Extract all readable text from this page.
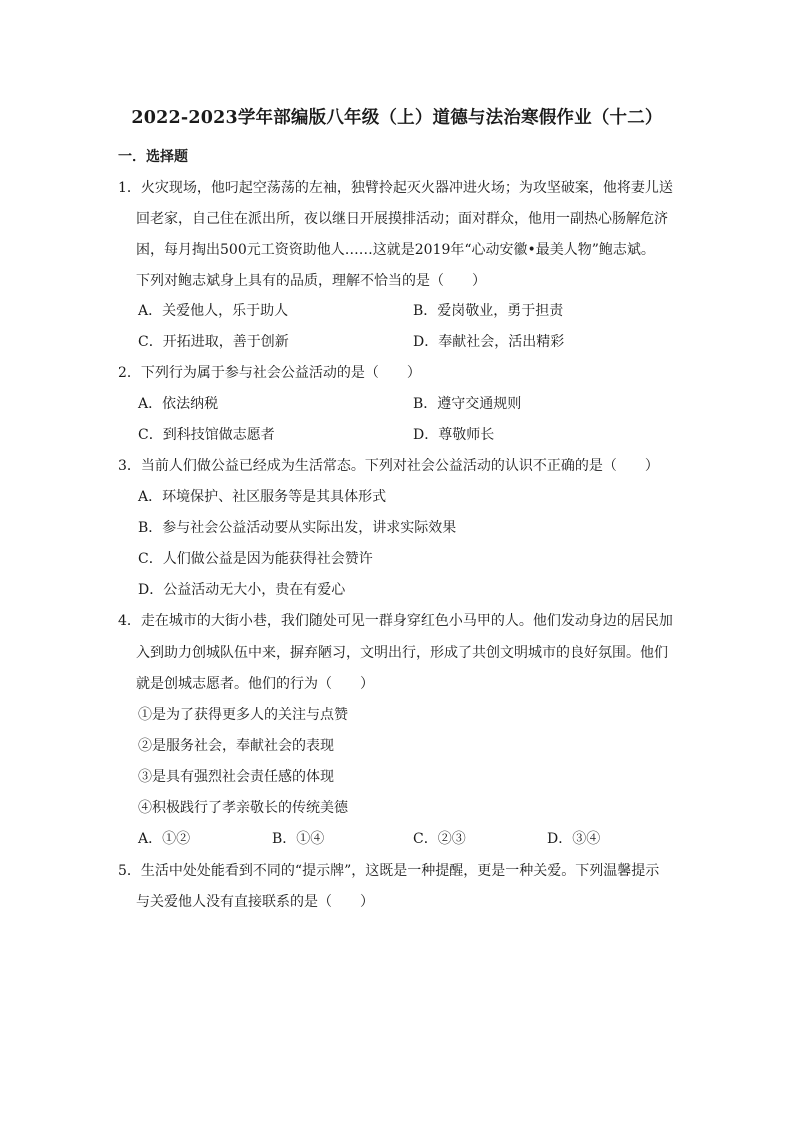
2022-2023学年部编版八年级（上）道德与法治寒假作业（十二）
一．选择题
1．火灾现场，他叼起空荡荡的左袖，独臂拎起灭火器冲进火场；为攻坚破案，他将妻儿送
回老家，自己住在派出所，夜以继日开展摸排活动；面对群众，他用一副热心肠解危济
困，每月掏出500元工资资助他人……这就是2019年“心动安徽•最美人物”鲍志斌。
下列对鲍志斌身上具有的品质，理解不恰当的是（　　）
A．关爱他人，乐于助人	B．爱岗敬业，勇于担责
C．开拓进取，善于创新	D．奉献社会，活出精彩
2．下列行为属于参与社会公益活动的是（　　）
A．依法纳税	B．遵守交通规则
C．到科技馆做志愿者	D．尊敬师长
3．当前人们做公益已经成为生活常态。下列对社会公益活动的认识不正确的是（　　）
A．环境保护、社区服务等是其具体形式
B．参与社会公益活动要从实际出发，讲求实际效果
C．人们做公益是因为能获得社会赞许
D．公益活动无大小，贵在有爱心
4．走在城市的大街小巷，我们随处可见一群身穿红色小马甲的人。他们发动身边的居民加
入到助力创城队伍中来，摒弃陋习，文明出行，形成了共创文明城市的良好氛围。他们
就是创城志愿者。他们的行为（　　）
①是为了获得更多人的关注与点赞
②是服务社会，奉献社会的表现
③是具有强烈社会责任感的体现
④积极践行了孝亲敬长的传统美德
A．①②	B．①④	C．②③	D．③④
5．生活中处处能看到不同的“提示牌”，这既是一种提醒，更是一种关爱。下列温馨提示
与关爱他人没有直接联系的是（　　）
